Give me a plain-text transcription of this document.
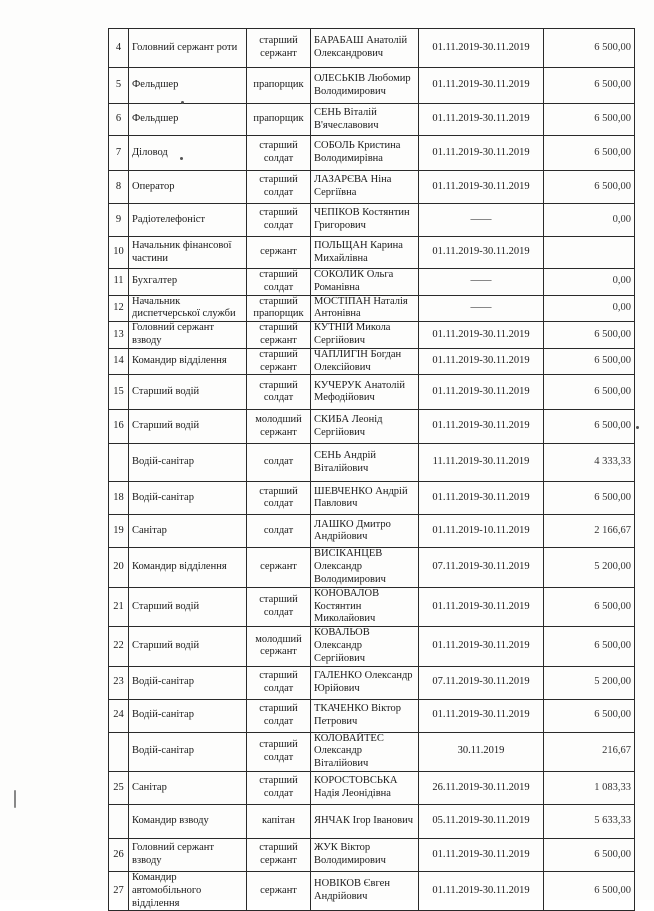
4	Головний сержант роти	старший сержант	БАРАБАШ Анатолій Олександрович	01.11.2019-30.11.2019	6 500,00
5	Фельдшер	прапорщик	ОЛЕСЬКІВ Любомир Володимирович	01.11.2019-30.11.2019	6 500,00
6	Фельдшер	прапорщик	СЕНЬ Віталій В'ячеславович	01.11.2019-30.11.2019	6 500,00
7	Діловод	старший солдат	СОБОЛЬ Кристина Володимирівна	01.11.2019-30.11.2019	6 500,00
8	Оператор	старший солдат	ЛАЗАРЄВА Ніна Сергіївна	01.11.2019-30.11.2019	6 500,00
9	Радіотелефоніст	старший солдат	ЧЕПІКОВ Костянтин Григорович	——	0,00
10	Начальник фінансової частини	сержант	ПОЛЬЩАН Карина Михайлівна	01.11.2019-30.11.2019	
11	Бухгалтер	старший солдат	СОКОЛИК Ольга Романівна	——	0,00
12	Начальник диспетчерської служби	старший прапорщик	МОСТІПАН Наталія Антонівна	——	0,00
13	Головний сержант взводу	старший сержант	КУТНІЙ Микола Сергійович	01.11.2019-30.11.2019	6 500,00
14	Командир відділення	старший сержант	ЧАПЛИГІН Богдан Олексійович	01.11.2019-30.11.2019	6 500,00
15	Старший водій	старший солдат	КУЧЕРУК Анатолій Мефодійович	01.11.2019-30.11.2019	6 500,00
16	Старший водій	молодший сержант	СКИБА Леонід Сергійович	01.11.2019-30.11.2019	6 500,00
	Водій-санітар	солдат	СЕНЬ Андрій Віталійович	11.11.2019-30.11.2019	4 333,33
18	Водій-санітар	старший солдат	ШЕВЧЕНКО Андрій Павлович	01.11.2019-30.11.2019	6 500,00
19	Санітар	солдат	ЛАШКО Дмитро Андрійович	01.11.2019-10.11.2019	2 166,67
20	Командир відділення	сержант	ВИСІКАНЦЕВ Олександр Володимирович	07.11.2019-30.11.2019	5 200,00
21	Старший водій	старший солдат	КОНОВАЛОВ Костянтин Миколайович	01.11.2019-30.11.2019	6 500,00
22	Старший водій	молодший сержант	КОВАЛЬОВ Олександр Сергійович	01.11.2019-30.11.2019	6 500,00
23	Водій-санітар	старший солдат	ГАЛЕНКО Олександр Юрійович	07.11.2019-30.11.2019	5 200,00
24	Водій-санітар	старший солдат	ТКАЧЕНКО Віктор Петрович	01.11.2019-30.11.2019	6 500,00
	Водій-санітар	старший солдат	КОЛОВАЙТЕС Олександр Віталійович	30.11.2019	216,67
25	Санітар	старший солдат	КОРОСТОВСЬКА Надія Леонідівна	26.11.2019-30.11.2019	1 083,33
	Командир взводу	капітан	ЯНЧАК Ігор Іванович	05.11.2019-30.11.2019	5 633,33
26	Головний сержант взводу	старший сержант	ЖУК Віктор Володимирович	01.11.2019-30.11.2019	6 500,00
27	Командир автомобільного відділення	сержант	НОВІКОВ Євген Андрійович	01.11.2019-30.11.2019	6 500,00
